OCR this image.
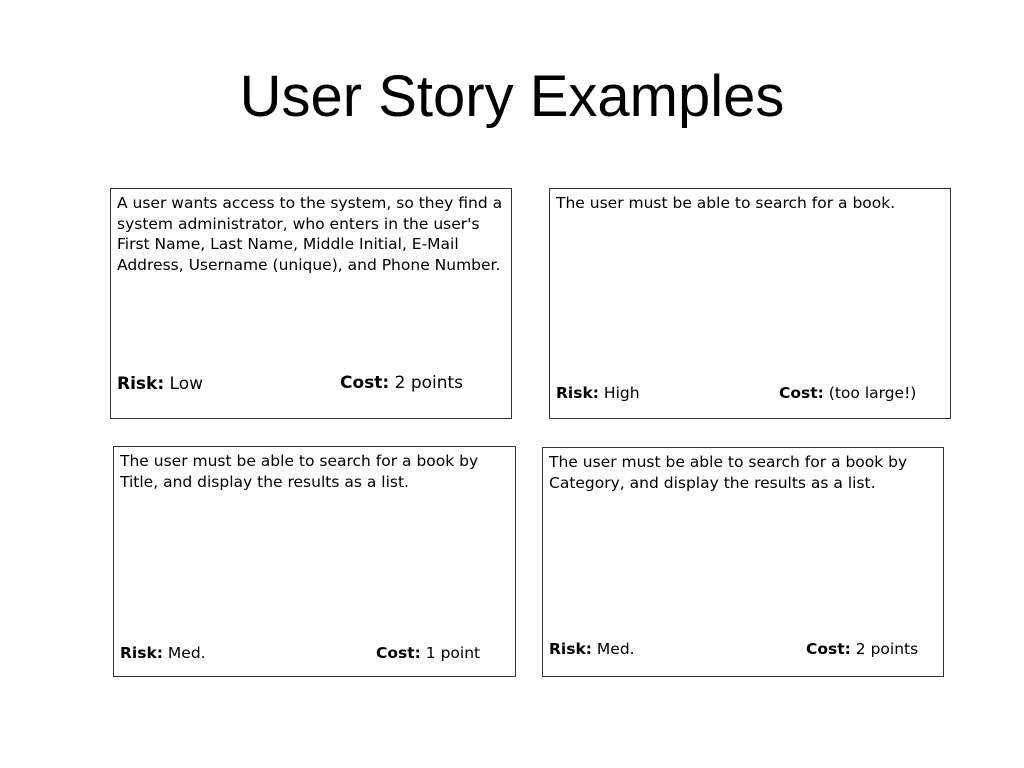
User Story Examples
A user wants access to the system, so they find a system administrator, who enters in the user's First Name, Last Name, Middle Initial, E-Mail Address, Username (unique), and Phone Number.
Risk: Low	Cost: 2 points
The user must be able to search for a book.
Risk: High	Cost: (too large!)
The user must be able to search for a book by Title, and display the results as a list.
Risk: Med.	Cost: 1 point
The user must be able to search for a book by Category, and display the results as a list.
Risk: Med.	Cost: 2 points
